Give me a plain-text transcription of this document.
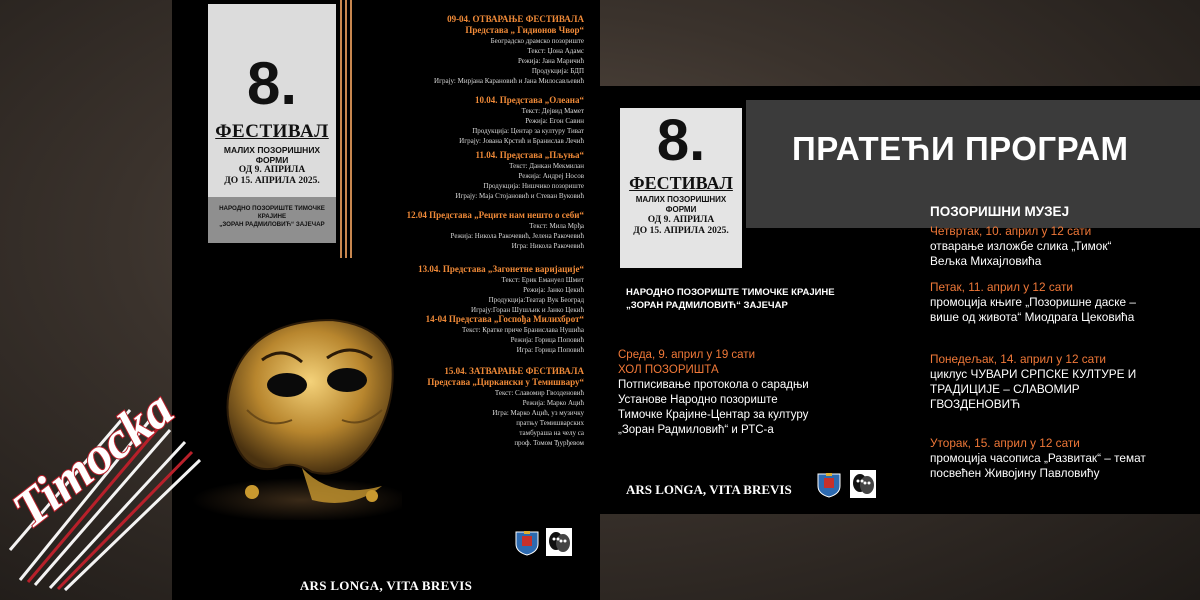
8.
ФЕСТИВАЛ
МАЛИХ ПОЗОРИШНИХ ФОРМИ
ОД 9. АПРИЛА
ДО 15. АПРИЛА 2025.
НАРОДНО ПОЗОРИШТЕ ТИМОЧКЕ КРАЈИНЕ
„ЗОРАН РАДМИЛОВИЋ“ ЗАЈЕЧАР
09-04. ОТВАРАЊЕ ФЕСТИВАЛА
Представа „ Гидионов Чвор“
Београдско драмско позориште
Текст: Џона Адамс
Режија: Јана Маричић
Продукција: БДП
Играју: Мирјана Карановић и Јана Милосављевић
10.04. Представа „Олеана“
Текст: Дејвид Мамет
Режија: Егон Савин
Продукција: Центар за културу Тиват
Играју: Јована Крстић и Бранислав Лечић
11.04. Представа „Пљуња“
Текст: Данкан Мекмилан
Режија: Андреј Носов
Продукција: Нишчико позориште
Играју: Маја Стојановић и Стеван Вуковић
12.04 Представа „Реците нам нешто о себи“
Текст: Мила Мрђа
Режија: Никола Ракочевић, Јелена Ракочевић
Игра: Никола Ракочевић
13.04. Представа „Загонетне варијације“
Текст: Ерик Емануел Шмит
Режија: Јанко Цекић
Продукција:Театар Вук Београд
Играју:Горан Шушљик и Јанко Цекић
14-04 Представа „Госпођа Милихброт“
Текст: Кратке приче Бранислава Нушића
Режија: Горица Поповић
Игра: Горица Поповић
15.04. ЗАТВАРАЊЕ ФЕСТИВАЛА
Представа „Циркански у Темишвару“
Текст: Славомир Гвозденовић
Режија: Марко Ацић
Игра: Марко Ацић, уз музичку
пратњу Темишварских
тамбураша на челу са
проф. Томом Ђурђевом
ARS LONGA, VITA BREVIS
ПРАТЕЋИ ПРОГРАМ
8.
ФЕСТИВАЛ
МАЛИХ ПОЗОРИШНИХ ФОРМИ
ОД 9. АПРИЛА
ДО 15. АПРИЛА 2025.
НАРОДНО ПОЗОРИШТЕ ТИМОЧКЕ КРАЈИНЕ
„ЗОРАН РАДМИЛОВИЋ“ ЗАЈЕЧАР
Среда, 9. април у 19 сати
ХОЛ ПОЗОРИШТА
Потписивање протокола о сарадњи
Установе Народно позориште
Тимочке Крајине-Центар за културу
„Зоран Радмиловић“ и РТС-а
ПОЗОРИШНИ МУЗЕЈ
Четвртак, 10. април у 12 сати
отварање изложбе слика „Тимок“
Вељка Михајловића
Петак, 11. април у 12 сати
промоција књиге „Позоришне даске –
више од живота“ Миодрага Цековића
Понедељак, 14. април у 12 сати
циклус ЧУВАРИ СРПСКЕ КУЛТУРЕ И
ТРАДИЦИЈЕ – СЛАВОМИР
ГВОЗДЕНОВИЋ
Уторак, 15. април у 12 сати
промоција часописа „Развитак“ – темат
посвећен Живојину Павловићу
ARS LONGA, VITA BREVIS
Timocka
